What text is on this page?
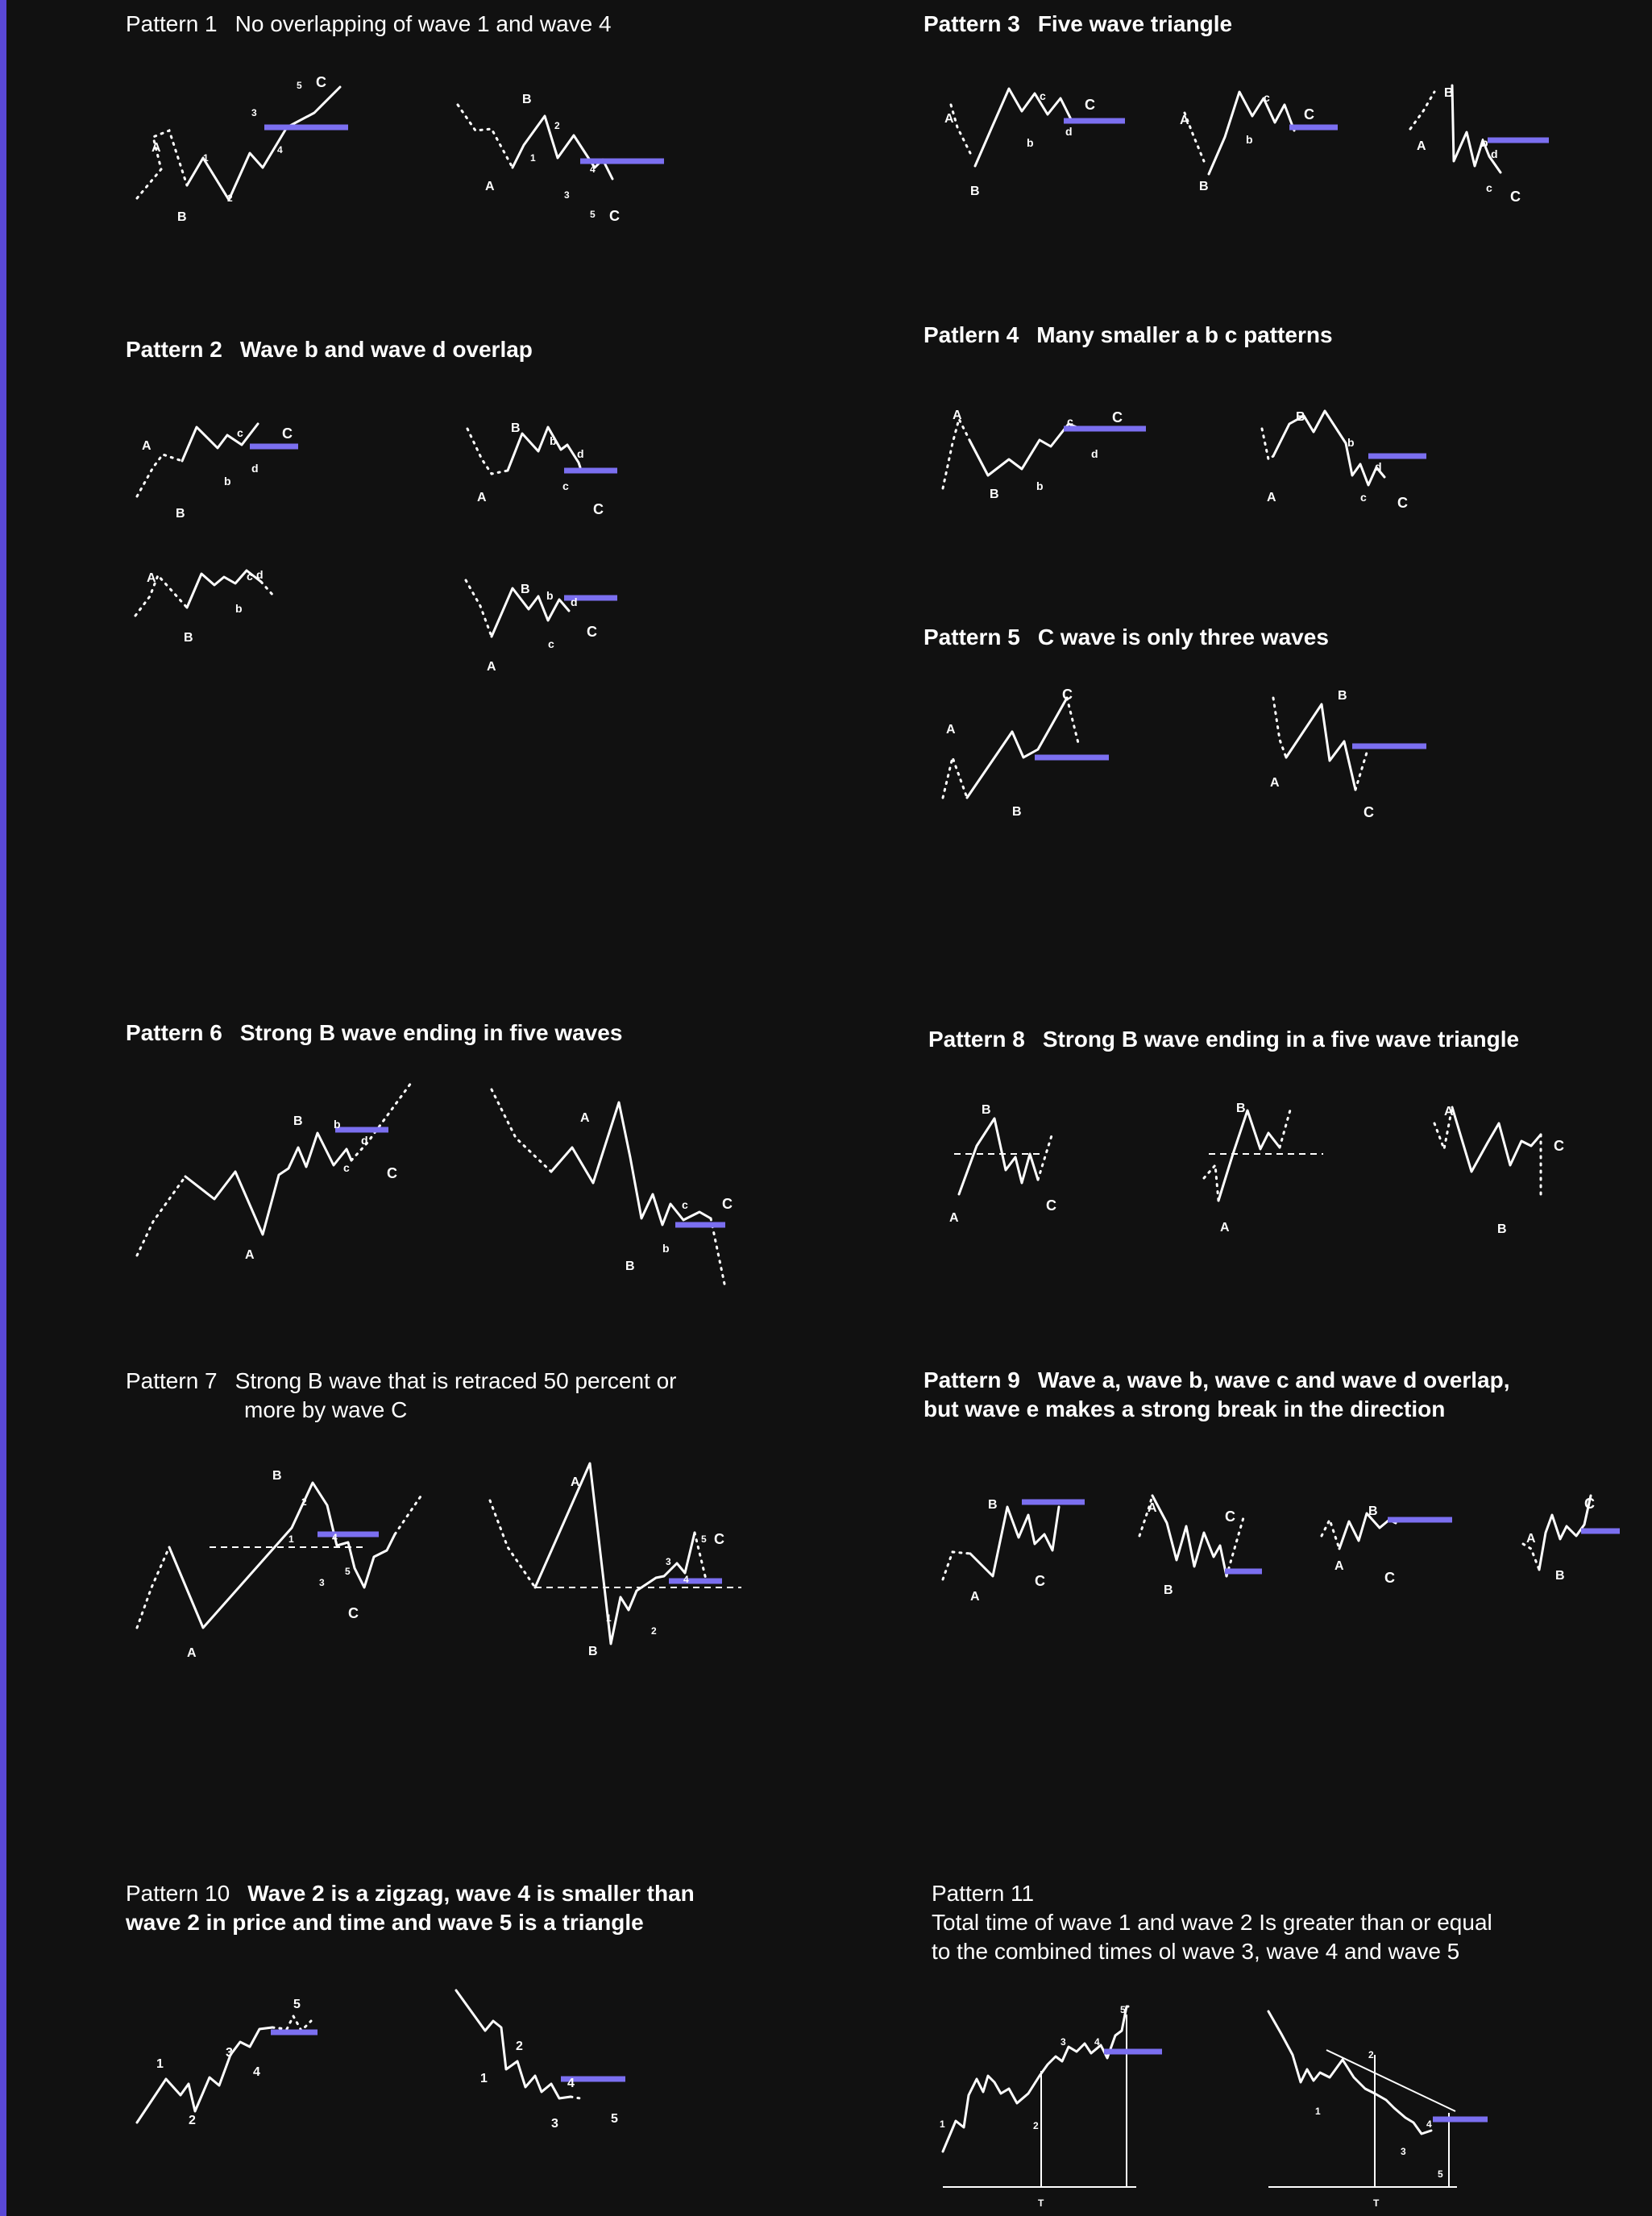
Pattern 1 No overlapping of wave 1 and wave 4
Pattern 2 Wave b and wave d overlap
Pattern 3 Five wave triangle
Patlern 4 Many smaller a b c patterns
Pattern 5 C wave is only three waves
Pattern 6 Strong B wave ending in five waves
Pattern 7 Strong B wave that is retraced 50 percent or
more by wave C
Pattern 8 Strong B wave ending in a five wave triangle
Pattern 9 Wave a, wave b, wave c and wave d overlap,
but wave e makes a strong break in the direction
Pattern 10 Wave 2 is a zigzag, wave 4 is smaller than
wave 2 in price and time and wave 5 is a triangle
Pattern 11
Total time of wave 1 and wave 2 Is greater than or equal
to the combined times ol wave 3, wave 4 and wave 5
A
B
1
2
3
4
5 C
A
B
1
2
3
4
5 C
A
B
b
c
d
C
A
B
b
c
d
C
A
B
b
c d
A
B b
c
d
C
A
B
b
c
d
C
A
B
b
c
C
A
B
b
c
d
C
A
B
b
c
d
C
A
B
b
c
d
C
A
B
C
A
B
C
A
B	b
c
d
C
A
B
b
c C
A
B
1
2
3
4
5
C
A
B
1
2
3
4
5 C
A
B
C
A
B	A
B
C
A
B
C
A
B
C
A
B
C
A
B
C
1
2
3
4
5
1
2
3
4
5	1	2
3	4
5
T
1
2
3
4
5
T
